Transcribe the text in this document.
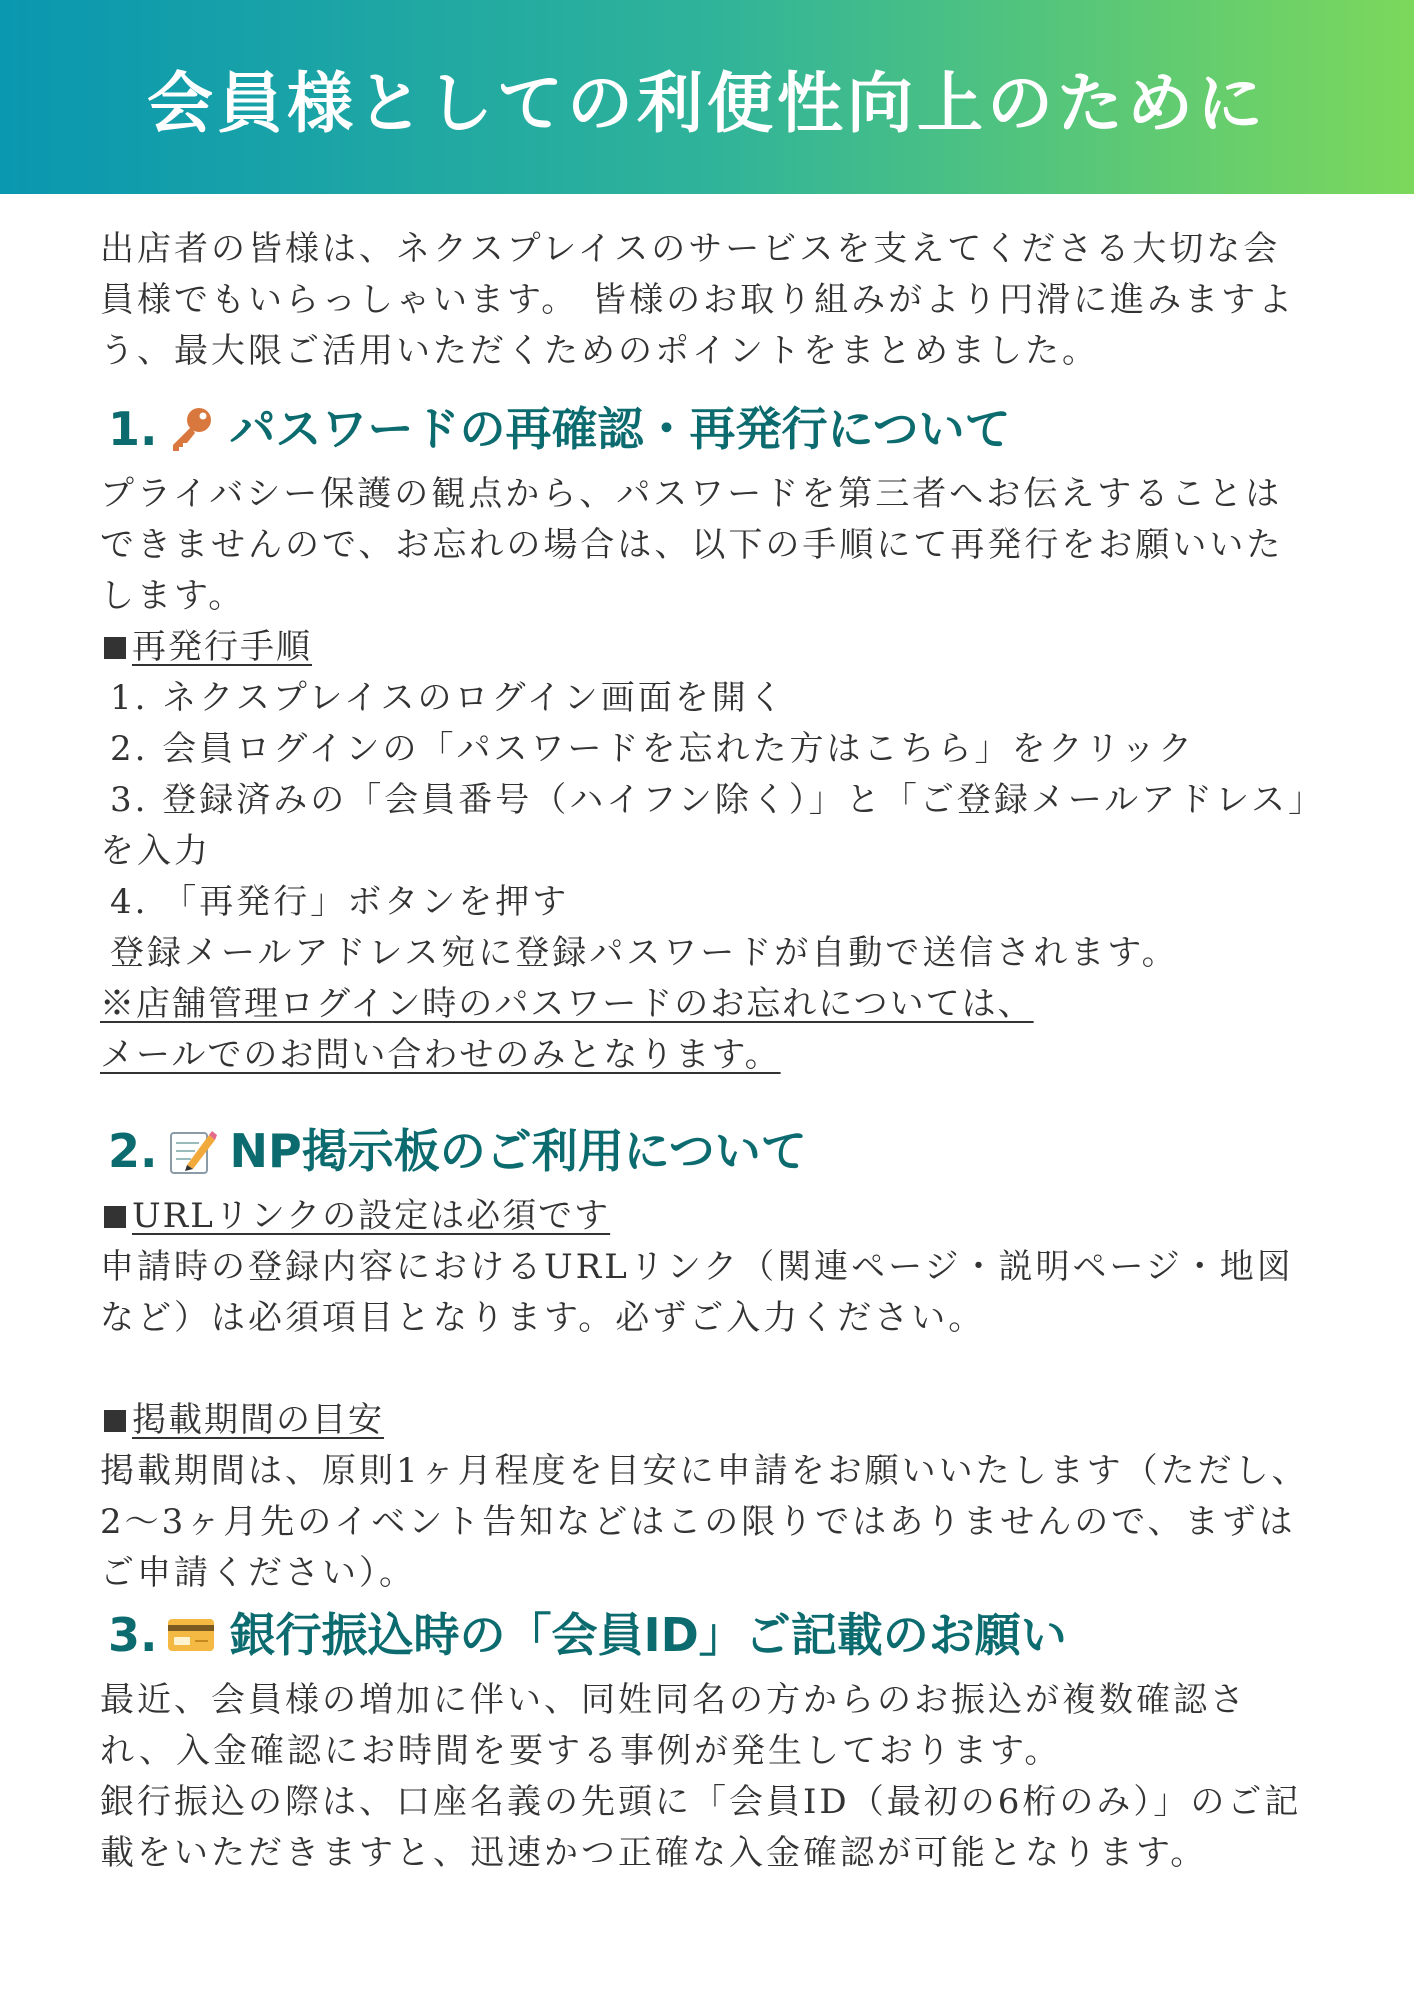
会員様としての利便性向上のために

出店者の皆様は、ネクスプレイスのサービスを支えてくださる大切な会員様でもいらっしゃいます。 皆様のお取り組みがより円滑に進みますよう、最大限ご活用いただくためのポイントをまとめました。

1. パスワードの再確認・再発行について

プライバシー保護の観点から、パスワードを第三者へお伝えすることはできませんので、お忘れの場合は、以下の手順にて再発行をお願いいたします。

再発行手順

1. ネクスプレイスのログイン画面を開く

2. 会員ログインの「パスワードを忘れた方はこちら」をクリック

3. 登録済みの「会員番号（ハイフン除く）」と「ご登録メールアドレス」を入力

4. 「再発行」ボタンを押す

登録メールアドレス宛に登録パスワードが自動で送信されます。

※店舗管理ログイン時のパスワードのお忘れについては、

メールでのお問い合わせのみとなります。

2. NP掲示板のご利用について
URLリンクの設定は必須です

申請時の登録内容におけるURLリンク（関連ページ・説明ページ・地図など）は必須項目となります。必ずご入力ください。

掲載期間の目安

掲載期間は、原則1ヶ月程度を目安に申請をお願いいたします（ただし、2〜3ヶ月先のイベント告知などはこの限りではありませんので、まずはご申請ください）。

3. 銀行振込時の「会員ID」ご記載のお願い

最近、会員様の増加に伴い、同姓同名の方からのお振込が複数確認され、入金確認にお時間を要する事例が発生しております。

銀行振込の際は、口座名義の先頭に「会員ID（最初の6桁のみ）」のご記載をいただきますと、迅速かつ正確な入金確認が可能となります。
